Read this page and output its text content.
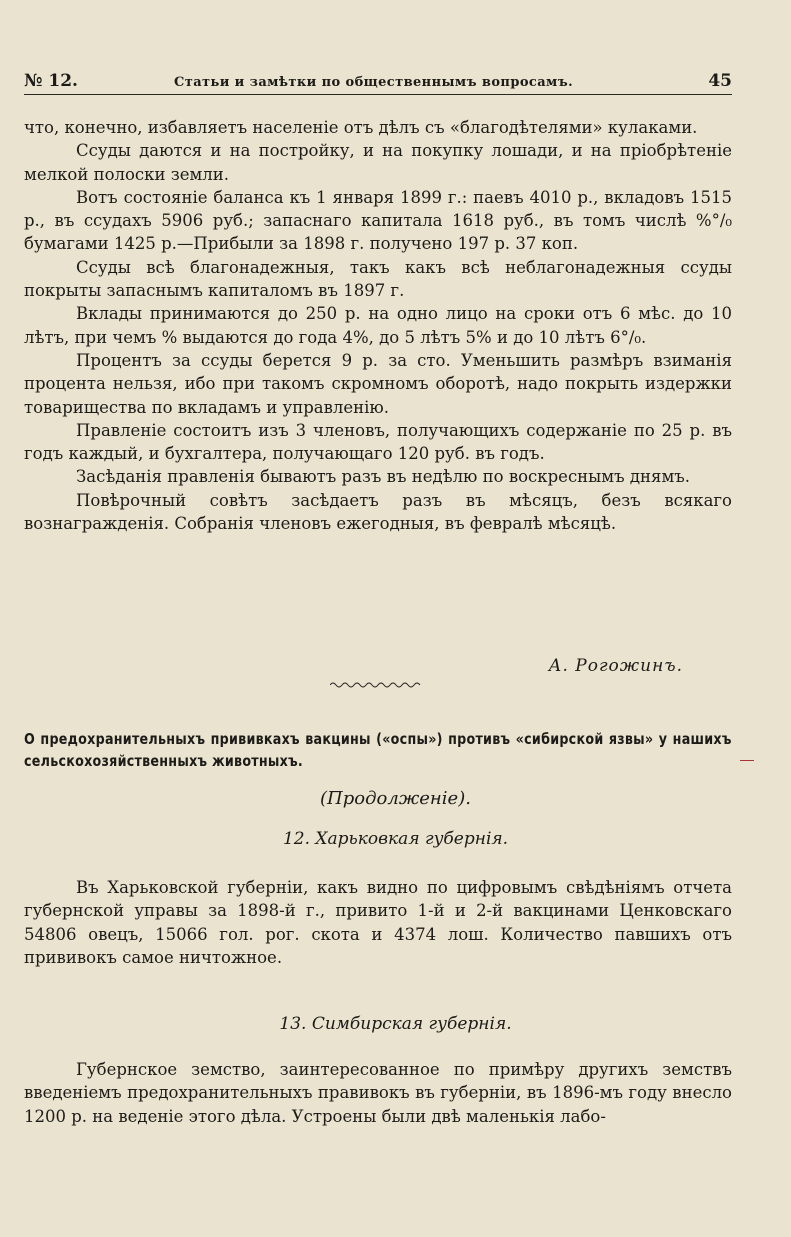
№ 12.	Статьи и замѣтки по общественнымъ вопросамъ.	45

что, конечно, избавляетъ населеніе отъ дѣлъ съ «благодѣтелями» кулаками.

Ссуды даются и на постройку, и на покупку лошади, и на пріобрѣтеніе мелкой полоски земли.

Вотъ состояніе баланса къ 1 января 1899 г.: паевъ 4010 р., вкладовъ 1515 р., въ ссудахъ 5906 руб.; запаснаго капитала 1618 руб., въ томъ числѣ %°/₀ бумагами 1425 р.—Прибыли за 1898 г. получено 197 р. 37 коп.

Ссуды всѣ благонадежныя, такъ какъ всѣ неблагонадежныя ссуды покрыты запаснымъ капиталомъ въ 1897 г.

Вклады принимаются до 250 р. на одно лицо на сроки отъ 6 мѣс. до 10 лѣтъ, при чемъ % выдаются до года 4%, до 5 лѣтъ 5% и до 10 лѣтъ 6°/₀.

Процентъ за ссуды берется 9 р. за сто. Уменьшить размѣръ взиманія процента нельзя, ибо при такомъ скромномъ оборотѣ, надо покрыть издержки товарищества по вкладамъ и управленію.

Правленіе состоитъ изъ 3 членовъ, получающихъ содержаніе по 25 р. въ годъ каждый, и бухгалтера, получающаго 120 руб. въ годъ.

Засѣданія правленія бываютъ разъ въ недѣлю по воскреснымъ днямъ.

Повѣрочный совѣтъ засѣдаетъ разъ въ мѣсяцъ, безъ всякаго вознагражденія. Собранія членовъ ежегодныя, въ февралѣ мѣсяцѣ.

А. Рогожинъ.
О предохранительныхъ прививкахъ вакцины («оспы») противъ «сибирской язвы» у нашихъ сельскохозяйственныхъ животныхъ.
(Продолженіе).
12. Харьковкая губернія.

Въ Харьковской губерніи, какъ видно по цифровымъ свѣдѣніямъ отчета губернской управы за 1898-й г., привито 1-й и 2-й вакцинами Ценковскаго 54806 овецъ, 15066 гол. рог. скота и 4374 лош. Количество павшихъ отъ прививокъ самое ничтожное.

13. Симбирская губернія.

Губернское земство, заинтересованное по примѣру другихъ земствъ введеніемъ предохранительныхъ правивокъ въ губерніи, въ 1896-мъ году внесло 1200 р. на веденіе этого дѣла. Устроены были двѣ маленькія лабо-
